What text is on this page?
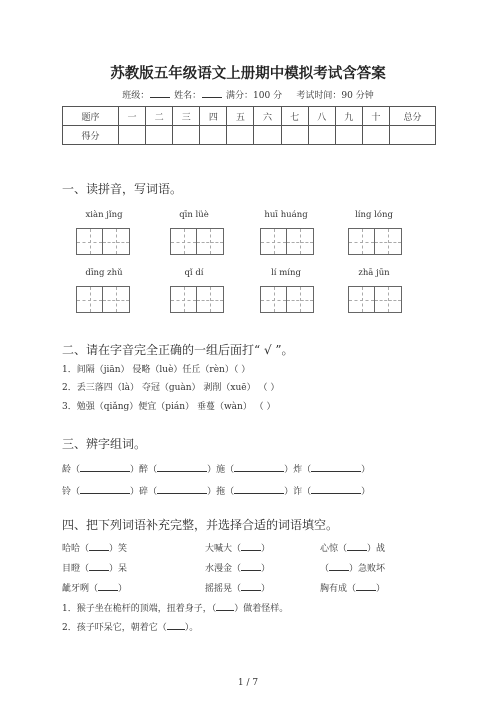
苏教版五年级语文上册期中模拟考试含答案
班级：	姓名：	满分：100 分 考试时间：90 分钟
题序	一	二	三	四	五	六	七	八	九	十	总分
得分											
一、读拼音，写词语。
xiàn jǐng	qīn lüè	huī huáng	líng lóng
dīng zhǔ	qǐ dí	lí míng	zhā jūn
二、请在字音完全正确的一组后面打“ √ ”。
1．间隔（jiān） 侵略（luè）任丘（rèn）（ ）
2．丢三落四（là） 夺冠（guàn） 剥削（xuē） （ ）
3．勉强（qiǎng）便宜（pián） 垂蔓（wàn） （ ）
三、辨字组词。
龄（	）醉（	）施（	）炸（	）
铃（	）碎（	）拖（	）诈（	）
四、把下列词语补充完整，并选择合适的词语填空。
哈哈（ ）笑	大喊大（ ）	心惊（ ）战
目瞪（ ）呆	水漫金（ ）	（ ）急败坏
龇牙咧（ ）	摇摇晃（ ）	胸有成（ ）
1．猴子坐在桅杆的顶端，扭着身子，（ ）做着怪样。
2．孩子吓呆它，朝着它（ ）。
1 / 7
